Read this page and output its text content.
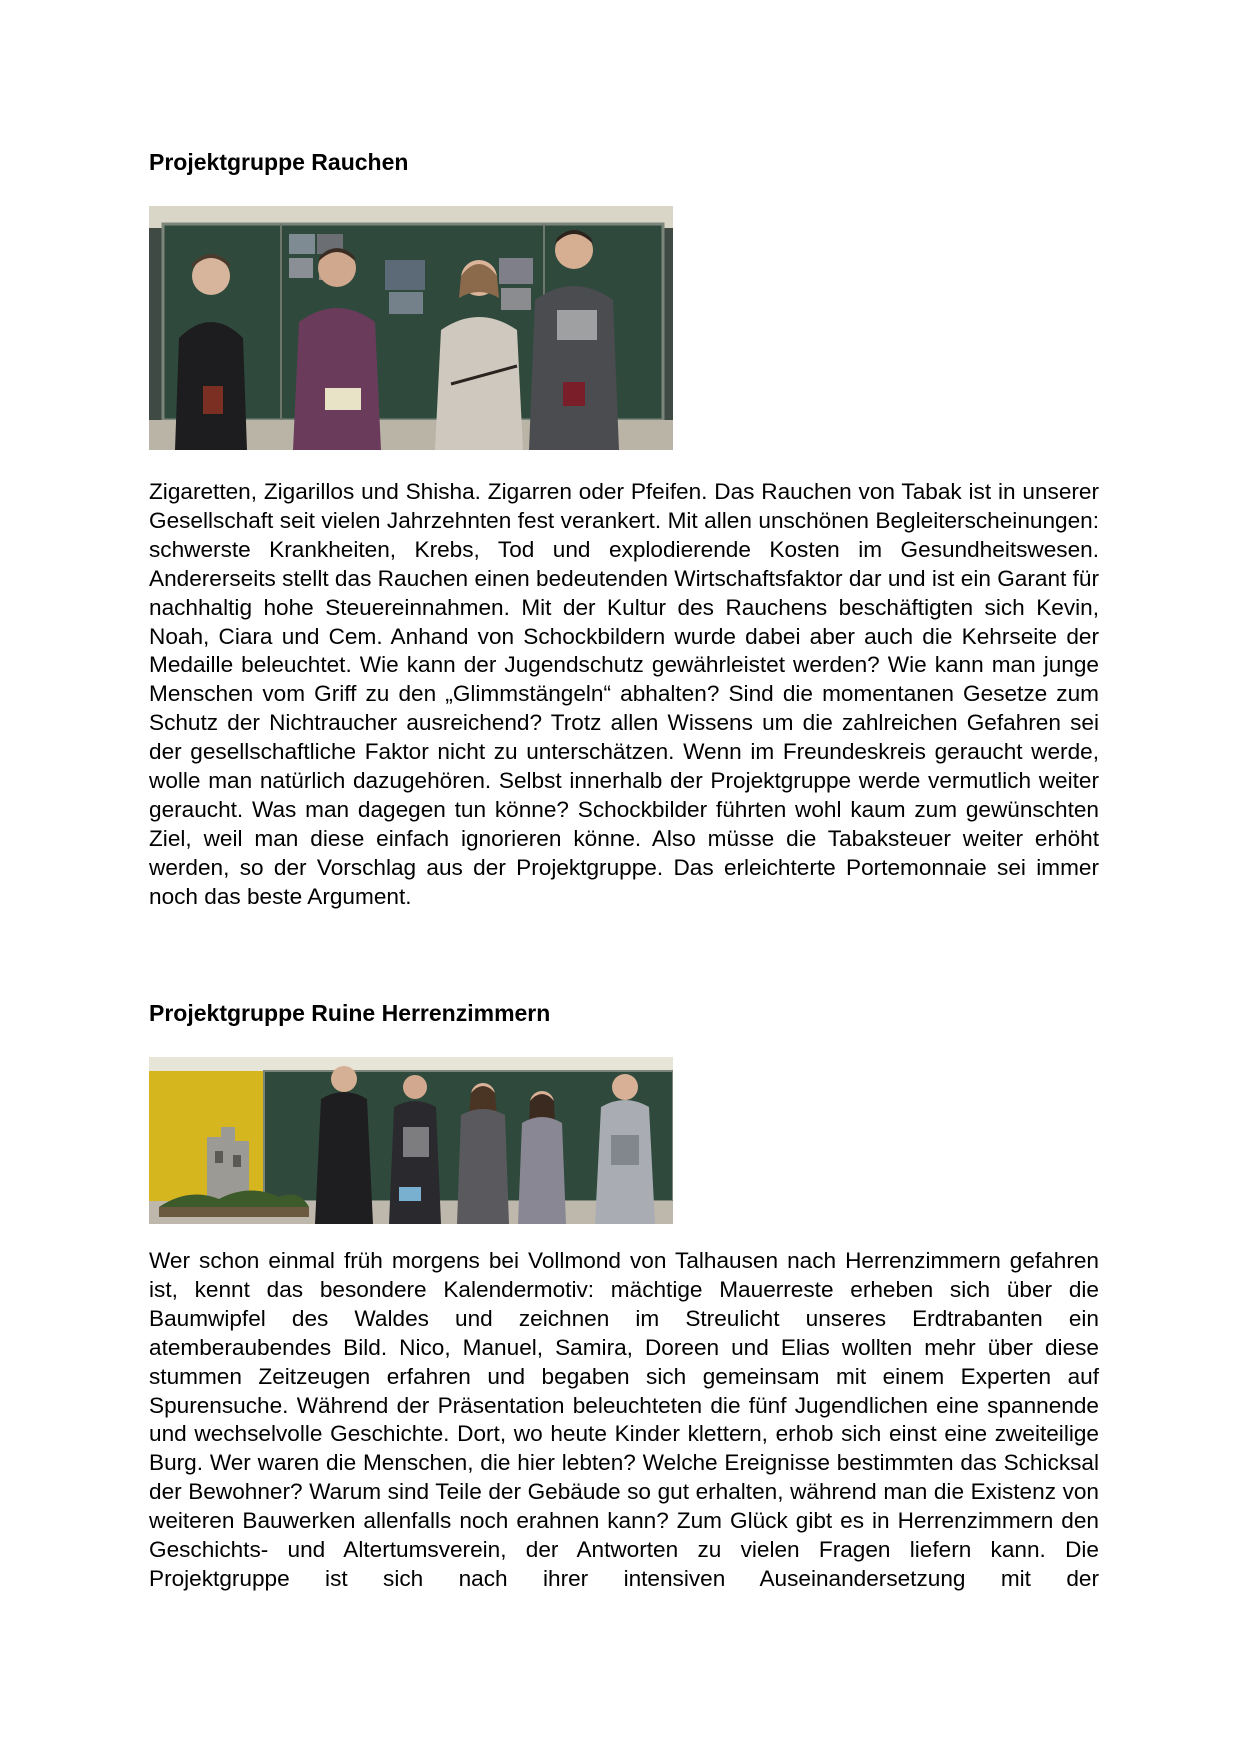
Projektgruppe Rauchen

Zigaretten, Zigarillos und Shisha. Zigarren oder Pfeifen. Das Rauchen von Tabak ist in unserer Gesellschaft seit vielen Jahrzehnten fest verankert. Mit allen unschönen Begleiterscheinungen: schwerste Krankheiten, Krebs, Tod und explodierende Kosten im Gesundheitswesen. Andererseits stellt das Rauchen einen bedeutenden Wirtschaftsfaktor dar und ist ein Garant für nachhaltig hohe Steuereinnahmen. Mit der Kultur des Rauchens beschäftigten sich Kevin, Noah, Ciara und Cem. Anhand von Schockbildern wurde dabei aber auch die Kehrseite der Medaille beleuchtet. Wie kann der Jugendschutz gewährleistet werden? Wie kann man junge Menschen vom Griff zu den „Glimmstängeln“ abhalten? Sind die momentanen Gesetze zum Schutz der Nichtraucher ausreichend? Trotz allen Wissens um die zahlreichen Gefahren sei der gesellschaftliche Faktor nicht zu unterschätzen. Wenn im Freundeskreis geraucht werde, wolle man natürlich dazugehören. Selbst innerhalb der Projektgruppe werde vermutlich weiter geraucht. Was man dagegen tun könne? Schockbilder führten wohl kaum zum gewünschten Ziel, weil man diese einfach ignorieren könne. Also müsse die Tabaksteuer weiter erhöht werden, so der Vorschlag aus der Projektgruppe. Das erleichterte Portemonnaie sei immer noch das beste Argument.

Projektgruppe Ruine Herrenzimmern

Wer schon einmal früh morgens bei Vollmond von Talhausen nach Herrenzimmern gefahren ist, kennt das besondere Kalendermotiv: mächtige Mauerreste erheben sich über die Baumwipfel des Waldes und zeichnen im Streulicht unseres Erdtrabanten ein atemberaubendes Bild. Nico, Manuel, Samira, Doreen und Elias wollten mehr über diese stummen Zeitzeugen erfahren und begaben sich gemeinsam mit einem Experten auf Spurensuche. Während der Präsentation beleuchteten die fünf Jugendlichen eine spannende und wechselvolle Geschichte. Dort, wo heute Kinder klettern, erhob sich einst eine zweiteilige Burg. Wer waren die Menschen, die hier lebten? Welche Ereignisse bestimmten das Schicksal der Bewohner? Warum sind Teile der Gebäude so gut erhalten, während man die Existenz von weiteren Bauwerken allenfalls noch erahnen kann? Zum Glück gibt es in Herrenzimmern den Geschichts- und Altertumsverein, der Antworten zu vielen Fragen liefern kann. Die Projektgruppe ist sich nach ihrer intensiven Auseinandersetzung mit der
